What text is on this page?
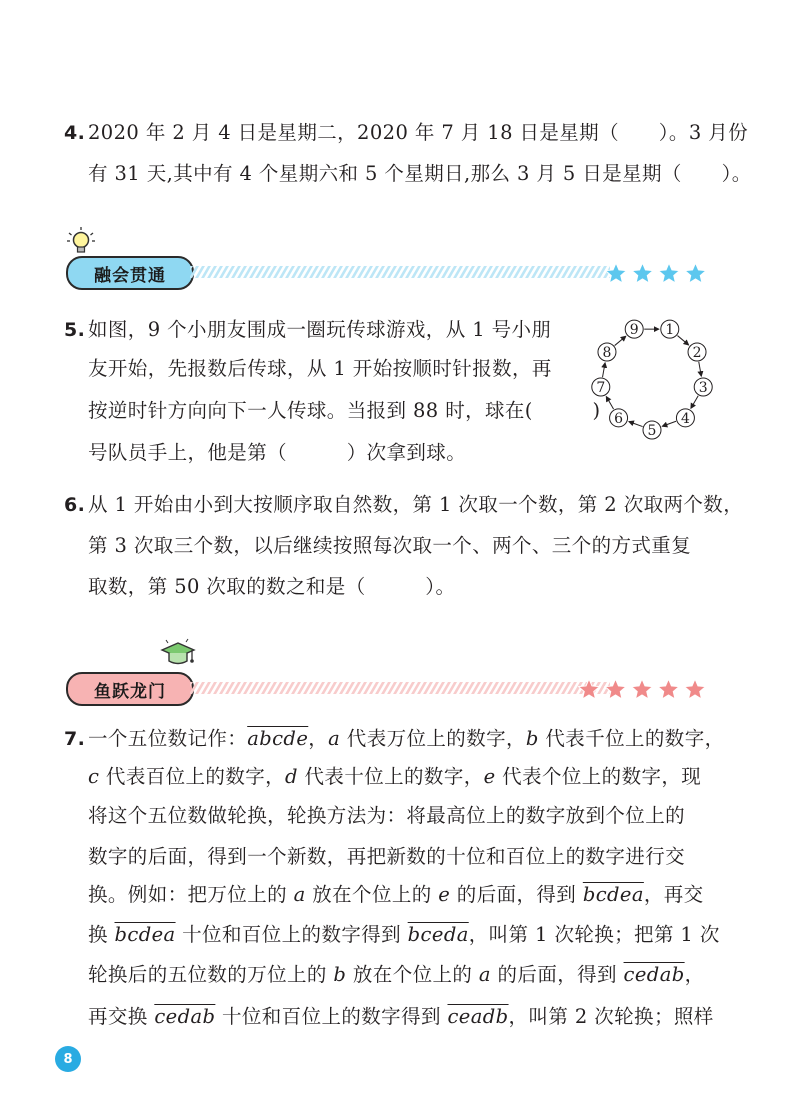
4. 2020 年 2 月 4 日是星期二，2020 年 7 月 18 日是星期（　　）。3 月份
有 31 天,其中有 4 个星期六和 5 个星期日,那么 3 月 5 日是星期（　　）。
融会贯通
5. 如图，9 个小朋友围成一圈玩传球游戏，从 1 号小朋
友开始，先报数后传球，从 1 开始按顺时针报数，再
按逆时针方向向下一人传球。当报到 88 时，球在(　　　)
号队员手上，他是第（　　　）次拿到球。
1
2
3
4
5
6
7
8
9
6. 从 1 开始由小到大按顺序取自然数，第 1 次取一个数，第 2 次取两个数，
第 3 次取三个数，以后继续按照每次取一个、两个、三个的方式重复
取数，第 50 次取的数之和是（　　　）。
鱼跃龙门
7. 一个五位数记作：abcde，a 代表万位上的数字，b 代表千位上的数字，
c 代表百位上的数字，d 代表十位上的数字，e 代表个位上的数字，现
将这个五位数做轮换，轮换方法为：将最高位上的数字放到个位上的
数字的后面，得到一个新数，再把新数的十位和百位上的数字进行交
换。例如：把万位上的 a 放在个位上的 e 的后面，得到 bcdea，再交
换 bcdea 十位和百位上的数字得到 bceda，叫第 1 次轮换；把第 1 次
轮换后的五位数的万位上的 b 放在个位上的 a 的后面，得到 cedab，
再交换 cedab 十位和百位上的数字得到 ceadb，叫第 2 次轮换；照样
8
